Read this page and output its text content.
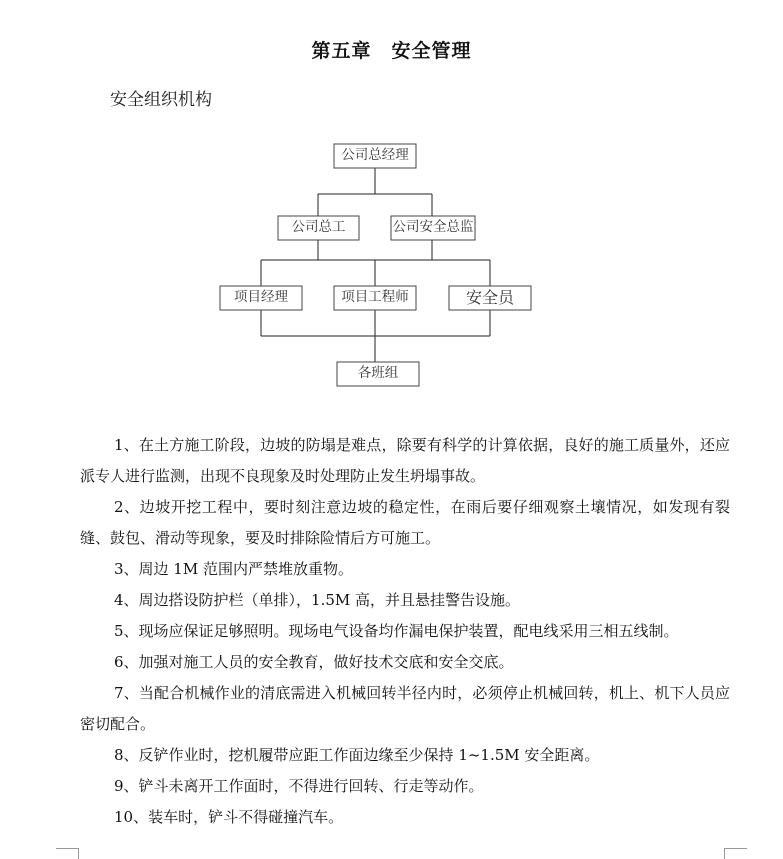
第五章　安全管理
安全组织机构
公司总经理
公司总工	公司安全总监
项目经理	项目工程师	安全员
各班组

1、在土方施工阶段，边坡的防塌是难点，除要有科学的计算依据，良好的施工质量外，还应派专人进行监测，出现不良现象及时处理防止发生坍塌事故。

2、边坡开挖工程中，要时刻注意边坡的稳定性，在雨后要仔细观察土壤情况，如发现有裂缝、鼓包、滑动等现象，要及时排除险情后方可施工。

3、周边 1M 范围内严禁堆放重物。

4、周边搭设防护栏（单排），1.5M 高，并且悬挂警告设施。

5、现场应保证足够照明。现场电气设备均作漏电保护装置，配电线采用三相五线制。

6、加强对施工人员的安全教育，做好技术交底和安全交底。

7、当配合机械作业的清底需进入机械回转半径内时，必须停止机械回转，机上、机下人员应密切配合。

8、反铲作业时，挖机履带应距工作面边缘至少保持 1~1.5M 安全距离。

9、铲斗未离开工作面时，不得进行回转、行走等动作。

10、装车时，铲斗不得碰撞汽车。
